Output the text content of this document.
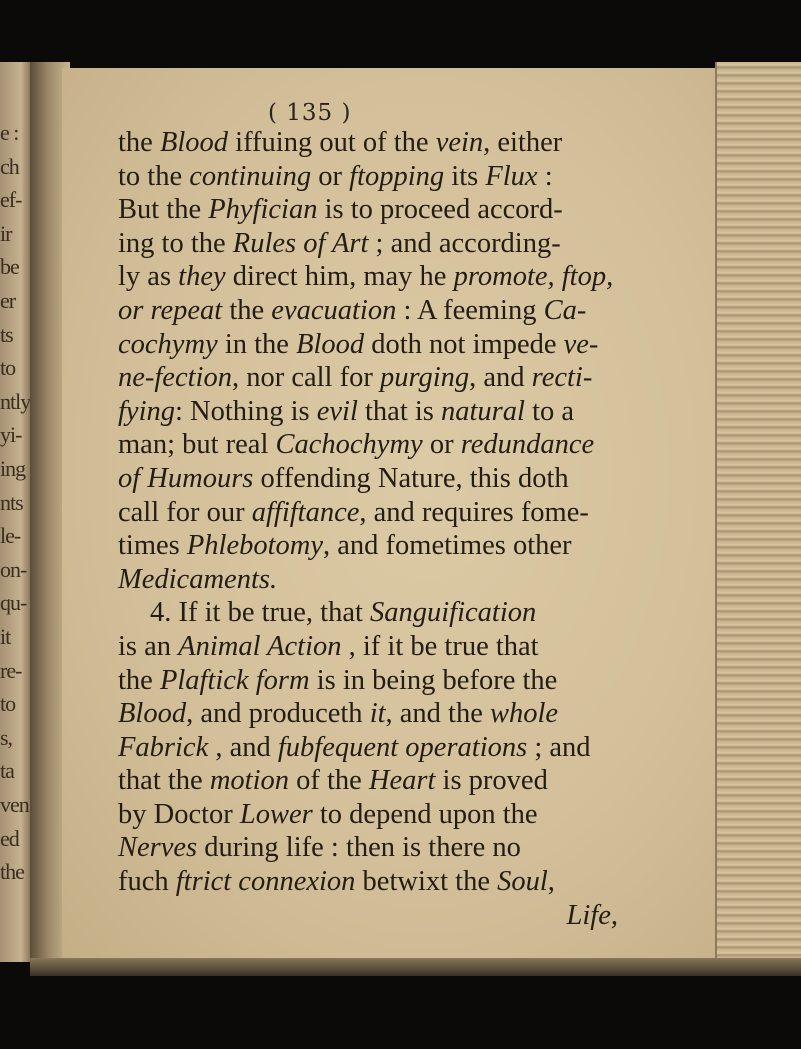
e :
ch
ef-
ir
be
er
ts
to
ntly
yi-
ing
nts
le-
on-
qu-
it
re-
to
s,
ta
ven
ed
the
( 135 )
the Blood iffuing out of the vein, either
to the continuing or ftopping its Flux :
But the Phyfician is to proceed accord-
ing to the Rules of Art ; and according-
ly as they direct him, may he promote, ftop,
or repeat the evacuation : A feeming Ca-
cochymy in the Blood doth not impede ve-
ne-fection, nor call for purging, and recti-
fying: Nothing is evil that is natural to a
man; but real Cachochymy or redundance
of Humours offending Nature, this doth
call for our affiftance, and requires fome-
times Phlebotomy, and fometimes other
Medicaments.
4. If it be true, that Sanguification
is an Animal Action , if it be true that
the Plaftick form is in being before the
Blood, and produceth it, and the whole
Fabrick , and fubfequent operations ; and
that the motion of the Heart is proved
by Doctor Lower to depend upon the
Nerves during life : then is there no
fuch ftrict connexion betwixt the Soul,
Life,
